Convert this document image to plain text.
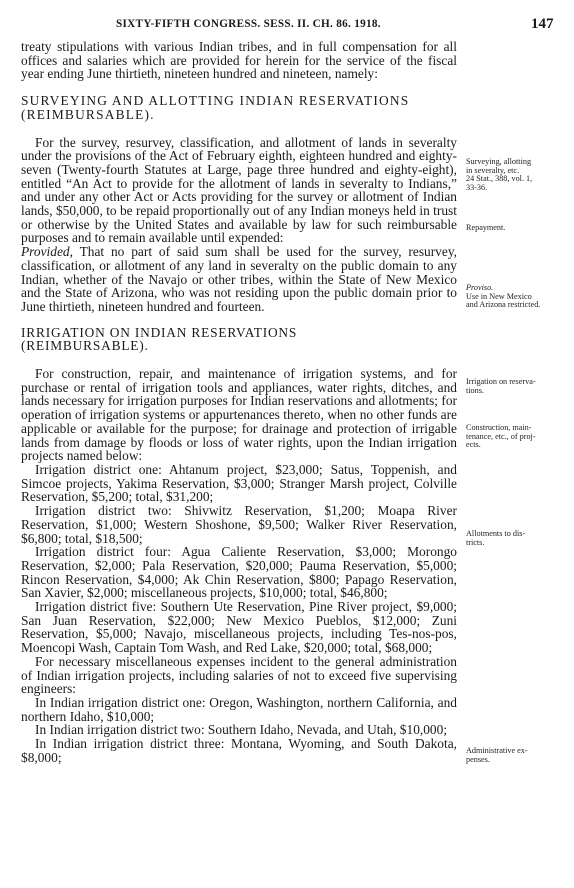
SIXTY-FIFTH CONGRESS. SESS. II. CH. 86. 1918.	147

treaty stipulations with various Indian tribes, and in full compensation for all offices and salaries which are provided for herein for the service of the fiscal year ending June thirtieth, nineteen hundred and nineteen, namely:

SURVEYING AND ALLOTTING INDIAN RESERVATIONS

(REIMBURSABLE).

For the survey, resurvey, classification, and allotment of lands in severalty under the provisions of the Act of February eighth, eighteen hundred and eighty-seven (Twenty-fourth Statutes at Large, page three hundred and eighty-eight), entitled “An Act to provide for the allotment of lands in severalty to Indians,” and under any other Act or Acts providing for the survey or allotment of Indian lands, $50,000, to be repaid proportionally out of any Indian moneys held in trust or otherwise by the United States and available by law for such reimbursable purposes and to remain available until expended:

Provided, That no part of said sum shall be used for the survey, resurvey, classification, or allotment of any land in severalty on the public domain to any Indian, whether of the Navajo or other tribes, within the State of New Mexico and the State of Arizona, who was not residing upon the public domain prior to June thirtieth, nineteen hundred and fourteen.

IRRIGATION ON INDIAN RESERVATIONS

(REIMBURSABLE).

For construction, repair, and maintenance of irrigation systems, and for purchase or rental of irrigation tools and appliances, water rights, ditches, and lands necessary for irrigation purposes for Indian reservations and allotments; for operation of irrigation systems or appurtenances thereto, when no other funds are applicable or available for the purpose; for drainage and protection of irrigable lands from damage by floods or loss of water rights, upon the Indian irrigation projects named below:

Irrigation district one: Ahtanum project, $23,000; Satus, Toppenish, and Simcoe projects, Yakima Reservation, $3,000; Stranger Marsh project, Colville Reservation, $5,200; total, $31,200;

Irrigation district two: Shivwitz Reservation, $1,200; Moapa River Reservation, $1,000; Western Shoshone, $9,500; Walker River Reservation, $6,800; total, $18,500;

Irrigation district four: Agua Caliente Reservation, $3,000; Morongo Reservation, $2,000; Pala Reservation, $20,000; Pauma Reservation, $5,000; Rincon Reservation, $4,000; Ak Chin Reservation, $800; Papago Reservation, San Xavier, $2,000; miscellaneous projects, $10,000; total, $46,800;

Irrigation district five: Southern Ute Reservation, Pine River project, $9,000; San Juan Reservation, $22,000; New Mexico Pueblos, $12,000; Zuni Reservation, $5,000; Navajo, miscellaneous projects, including Tes-nos-pos, Moencopi Wash, Captain Tom Wash, and Red Lake, $20,000; total, $68,000;

For necessary miscellaneous expenses incident to the general administration of Indian irrigation projects, including salaries of not to exceed five supervising engineers:

In Indian irrigation district one: Oregon, Washington, northern California, and northern Idaho, $10,000;

In Indian irrigation district two: Southern Idaho, Nevada, and Utah, $10,000;

In Indian irrigation district three: Montana, Wyoming, and South Dakota, $8,000;

Surveying, allotting
in severalty, etc.
24 Stat., 388, vol. 1,
33-36.
Repayment.
Proviso.
Use in New Mexico
and Arizona restricted.
Irrigation on reserva-
tions.
Construction, main-
tenance, etc., of proj-
ects.
Allotments to dis-
tricts.
Administrative ex-
penses.
